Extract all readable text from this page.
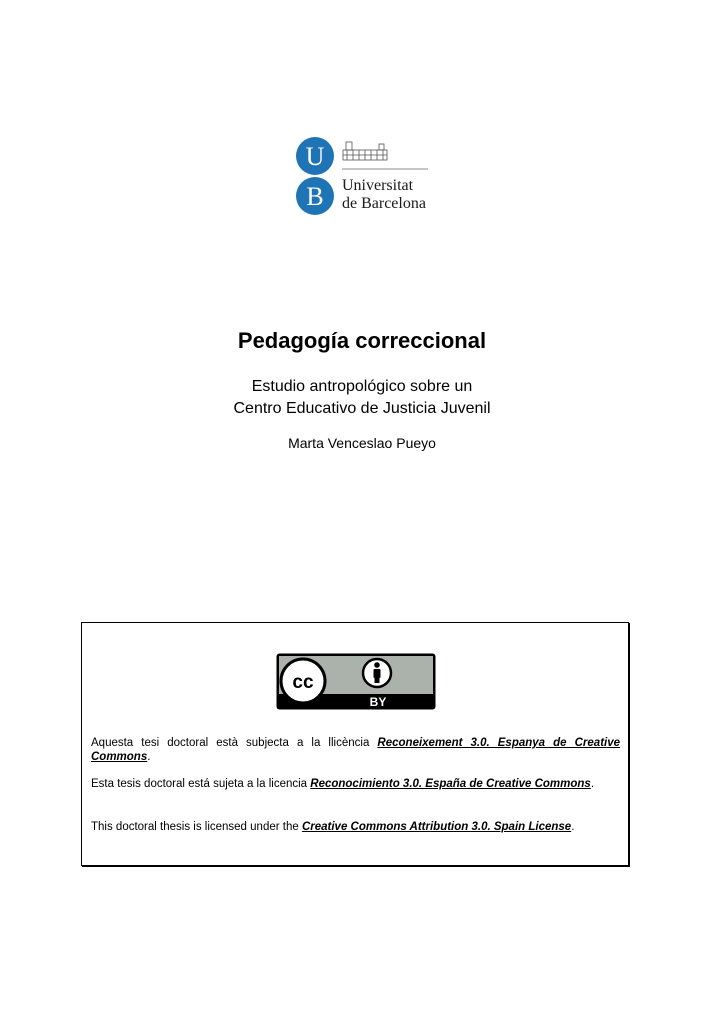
U
B Universitat
de Barcelona
Pedagogía correccional
Estudio antropológico sobre un
Centro Educativo de Justicia Juvenil
Marta Venceslao Pueyo
cc
BY
Aquesta tesi doctoral està subjecta a la llicència Reconeixement 3.0. Espanya de Creative Commons.
Esta tesis doctoral está sujeta a la licencia Reconocimiento 3.0. España de Creative Commons.
This doctoral thesis is licensed under the Creative Commons Attribution 3.0. Spain License.
